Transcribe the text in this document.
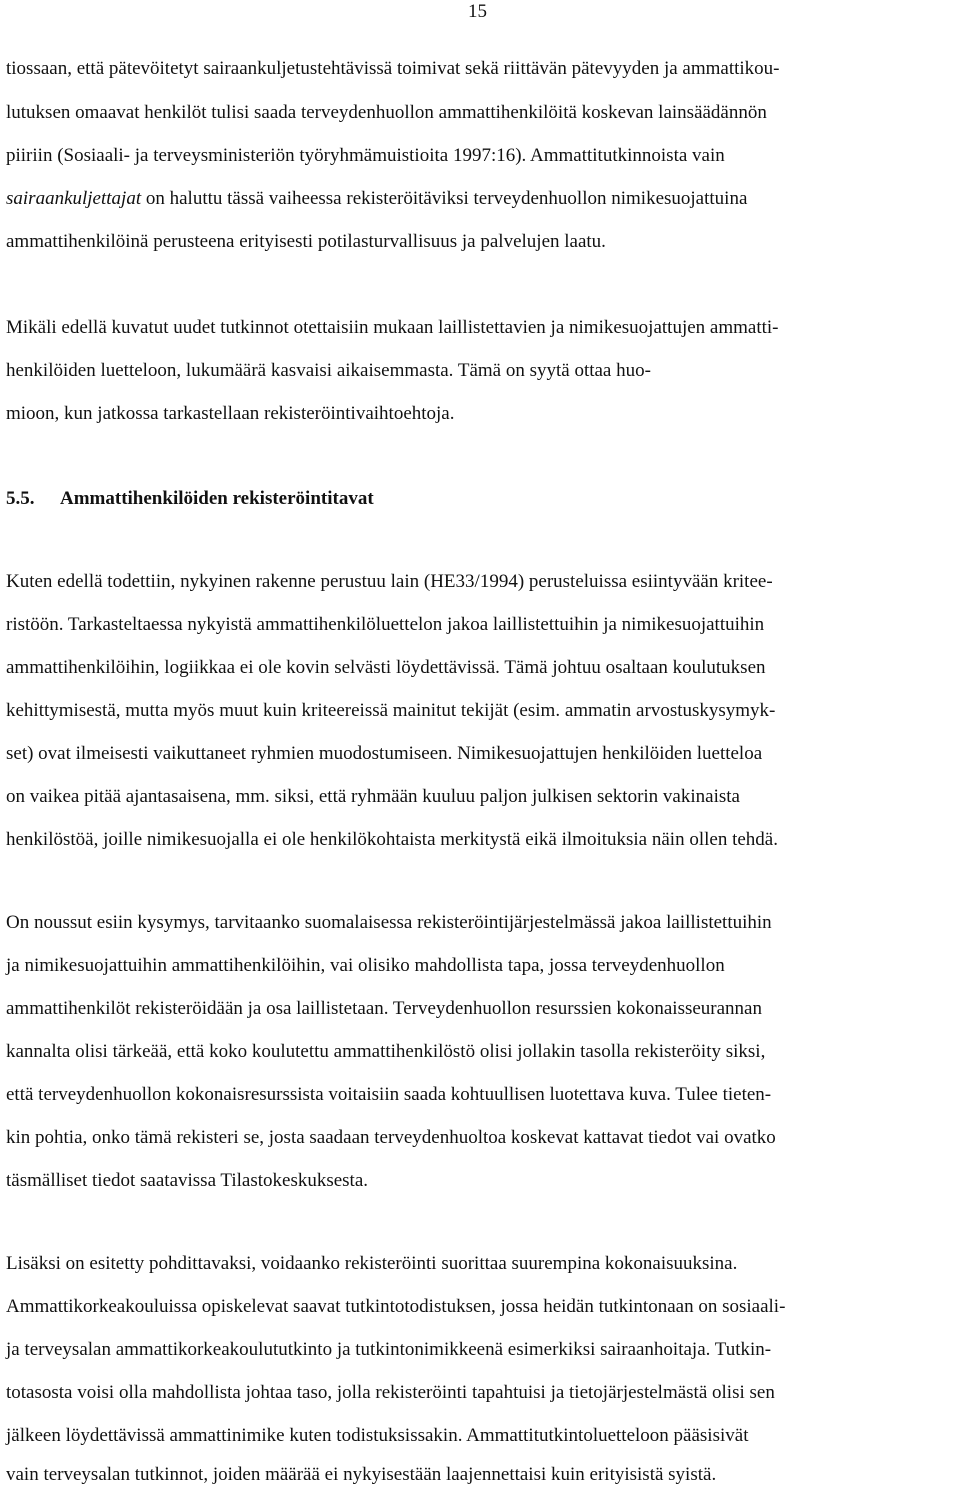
15
tiossaan, että pätevöitetyt sairaankuljetustehtävissä toimivat sekä riittävän pätevyyden ja ammattikou-
lutuksen omaavat henkilöt tulisi saada terveydenhuollon ammattihenkilöitä koskevan lainsäädännön
piiriin (Sosiaali- ja terveysministeriön työryhmämuistioita 1997:16). Ammattitutkinnoista vain
sairaankuljettajat on haluttu tässä vaiheessa rekisteröitäviksi terveydenhuollon nimikesuojattuina
ammattihenkilöinä perusteena erityisesti potilasturvallisuus ja palvelujen laatu.
Mikäli edellä kuvatut uudet tutkinnot otettaisiin mukaan laillistettavien ja nimikesuojattujen ammatti-
henkilöiden luetteloon, lukumäärä kasvaisi aikaisemmasta. Tämä on syytä ottaa huo-
mioon, kun jatkossa tarkastellaan rekisteröintivaihtoehtoja.
5.5. Ammattihenkilöiden rekisteröintitavat
Kuten edellä todettiin, nykyinen rakenne perustuu lain (HE33/1994) perusteluissa esiintyvään kritee-
ristöön. Tarkasteltaessa nykyistä ammattihenkilöluettelon jakoa laillistettuihin ja nimikesuojattuihin
ammattihenkilöihin, logiikkaa ei ole kovin selvästi löydettävissä. Tämä johtuu osaltaan koulutuksen
kehittymisestä, mutta myös muut kuin kriteereissä mainitut tekijät (esim. ammatin arvostuskysymyk-
set) ovat ilmeisesti vaikuttaneet ryhmien muodostumiseen. Nimikesuojattujen henkilöiden luetteloa
on vaikea pitää ajantasaisena, mm. siksi, että ryhmään kuuluu paljon julkisen sektorin vakinaista
henkilöstöä, joille nimikesuojalla ei ole henkilökohtaista merkitystä eikä ilmoituksia näin ollen tehdä.
On noussut esiin kysymys, tarvitaanko suomalaisessa rekisteröintijärjestelmässä jakoa laillistettuihin
ja nimikesuojattuihin ammattihenkilöihin, vai olisiko mahdollista tapa, jossa terveydenhuollon
ammattihenkilöt rekisteröidään ja osa laillistetaan. Terveydenhuollon resurssien kokonaisseurannan
kannalta olisi tärkeää, että koko koulutettu ammattihenkilöstö olisi jollakin tasolla rekisteröity siksi,
että terveydenhuollon kokonaisresurssista voitaisiin saada kohtuullisen luotettava kuva. Tulee tieten-
kin pohtia, onko tämä rekisteri se, josta saadaan terveydenhuoltoa koskevat kattavat tiedot vai ovatko
täsmälliset tiedot saatavissa Tilastokeskuksesta.
Lisäksi on esitetty pohdittavaksi, voidaanko rekisteröinti suorittaa suurempina kokonaisuuksina.
Ammattikorkeakouluissa opiskelevat saavat tutkintotodistuksen, jossa heidän tutkintonaan on sosiaali-
ja terveysalan ammattikorkeakoulututkinto ja tutkintonimikkeenä esimerkiksi sairaanhoitaja. Tutkin-
totasosta voisi olla mahdollista johtaa taso, jolla rekisteröinti tapahtuisi ja tietojärjestelmästä olisi sen
jälkeen löydettävissä ammattinimike kuten todistuksissakin. Ammattitutkintoluetteloon pääsisivät
vain terveysalan tutkinnot, joiden määrää ei nykyisestään laajennettaisi kuin erityisistä syistä.
